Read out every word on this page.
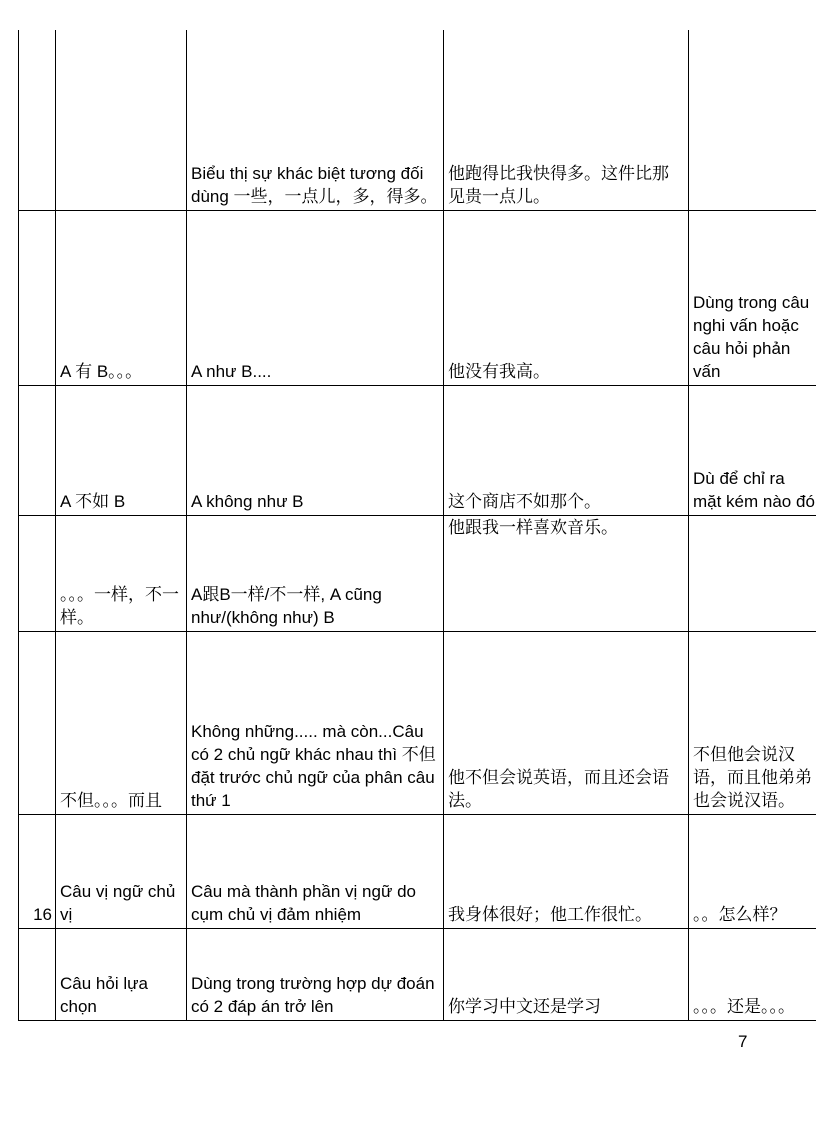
		Biểu thị sự khác biệt tương đối dùng 一些，一点儿，多，得多。	他跑得比我快得多。这件比那见贵一点儿。	
	A 有 B。。。	A như B....	他没有我高。	Dùng trong câu nghi vấn hoặc câu hỏi phản vấn
	A 不如 B	A không như B	这个商店不如那个。	Dù để chỉ ra mặt kém nào đó
	。。。一样，不一样。	A跟B一样/不一样, A cũng như/(không như) B	他跟我一样喜欢音乐。	
	不但。。。而且	Không những..... mà còn...Câu có 2 chủ ngữ khác nhau thì 不但 đặt trước chủ ngữ của phân câu thứ 1	他不但会说英语，而且还会语法。	不但他会说汉语，而且他弟弟也会说汉语。
16	Câu vị ngữ chủ vị	Câu mà thành phần vị ngữ do cụm chủ vị đảm nhiệm	我身体很好；他工作很忙。	。。怎么样？
	Câu hỏi lựa chọn	Dùng trong trường hợp dự đoán có 2 đáp án trở lên	你学习中文还是学习	。。。还是。。。
7
